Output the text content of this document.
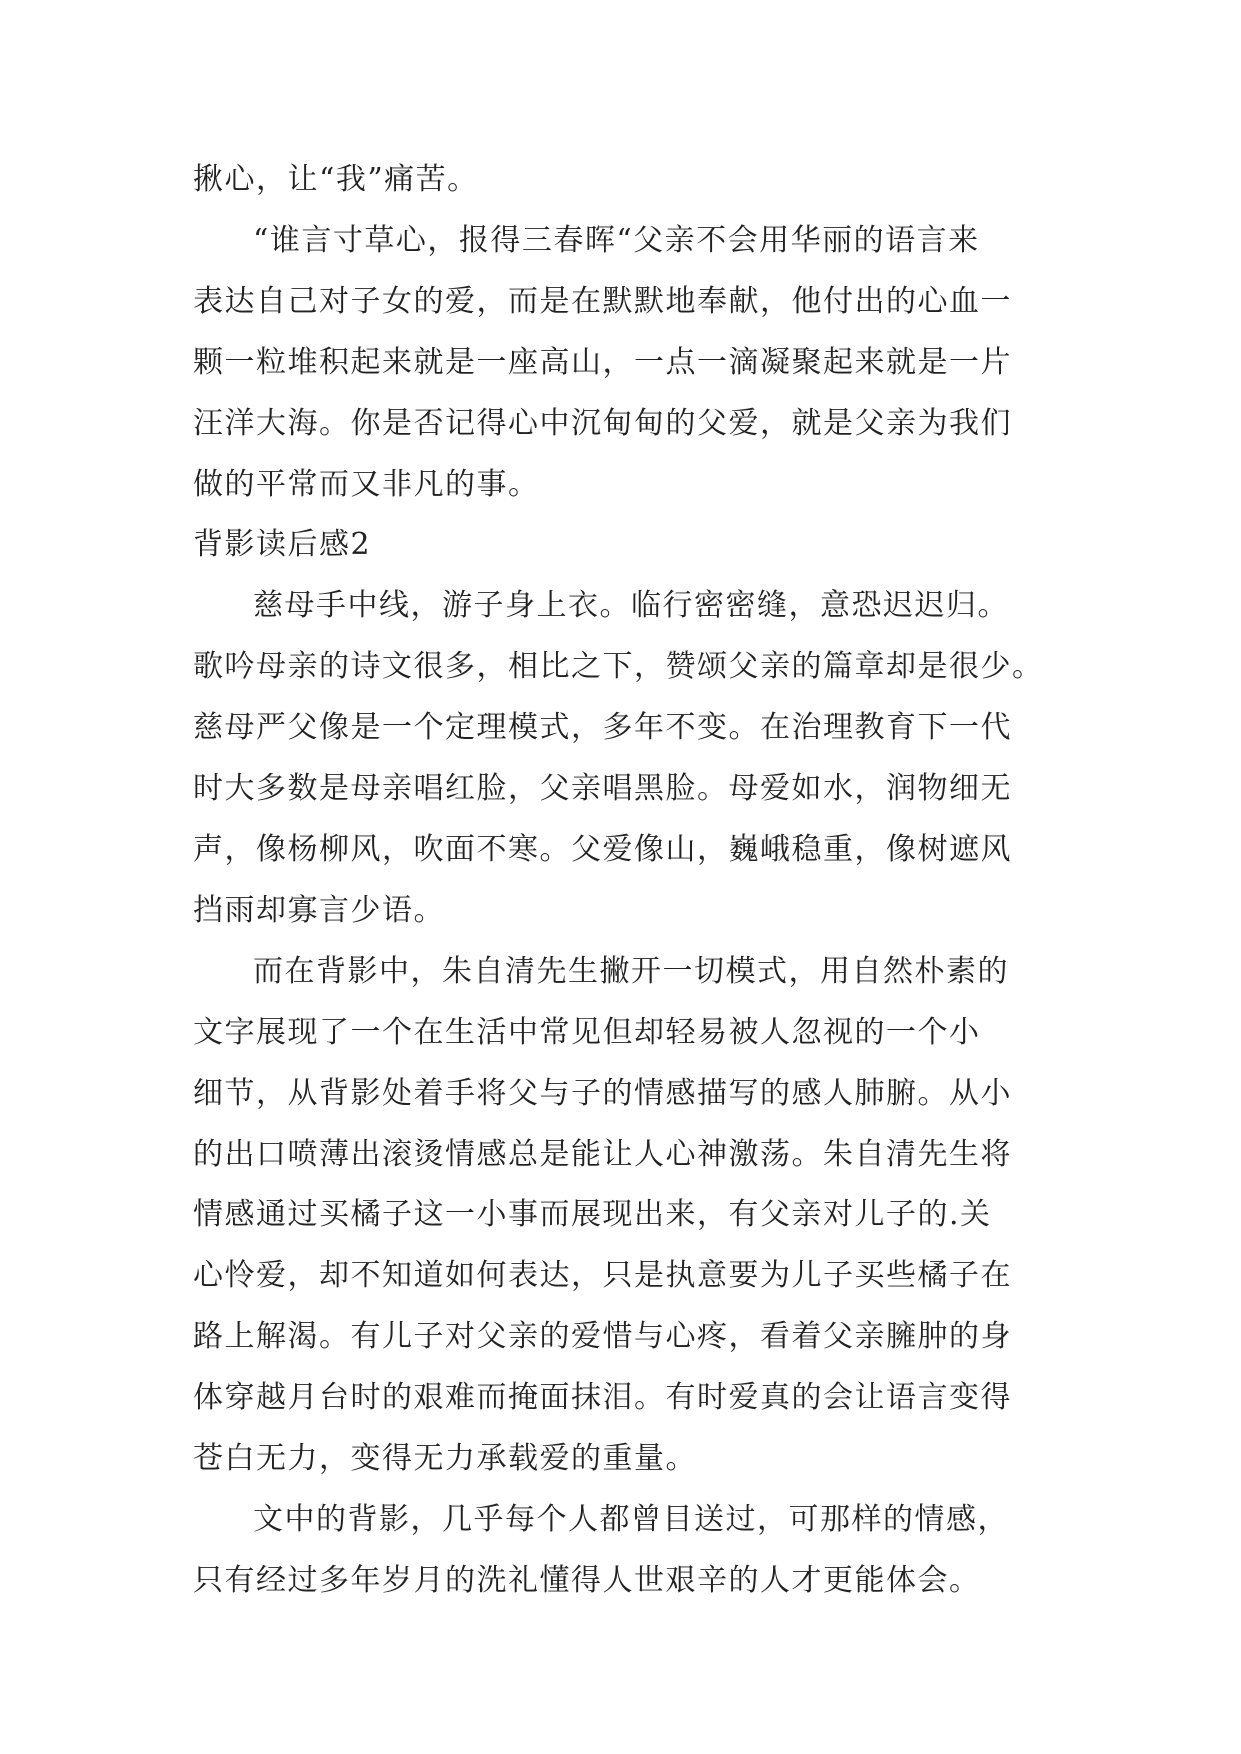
揪心，让“我”痛苦。
“谁言寸草心，报得三春晖“父亲不会用华丽的语言来
表达自己对子女的爱，而是在默默地奉献，他付出的心血一
颗一粒堆积起来就是一座高山，一点一滴凝聚起来就是一片
汪洋大海。你是否记得心中沉甸甸的父爱，就是父亲为我们
做的平常而又非凡的事。
背影读后感2
慈母手中线，游子身上衣。临行密密缝，意恐迟迟归。
歌吟母亲的诗文很多，相比之下，赞颂父亲的篇章却是很少。
慈母严父像是一个定理模式，多年不变。在治理教育下一代
时大多数是母亲唱红脸，父亲唱黑脸。母爱如水，润物细无
声，像杨柳风，吹面不寒。父爱像山，巍峨稳重，像树遮风
挡雨却寡言少语。
而在背影中，朱自清先生撇开一切模式，用自然朴素的
文字展现了一个在生活中常见但却轻易被人忽视的一个小
细节，从背影处着手将父与子的情感描写的感人肺腑。从小
的出口喷薄出滚烫情感总是能让人心神激荡。朱自清先生将
情感通过买橘子这一小事而展现出来，有父亲对儿子的.关
心怜爱，却不知道如何表达，只是执意要为儿子买些橘子在
路上解渴。有儿子对父亲的爱惜与心疼，看着父亲臃肿的身
体穿越月台时的艰难而掩面抹泪。有时爱真的会让语言变得
苍白无力，变得无力承载爱的重量。
文中的背影，几乎每个人都曾目送过，可那样的情感，
只有经过多年岁月的洗礼懂得人世艰辛的人才更能体会。
